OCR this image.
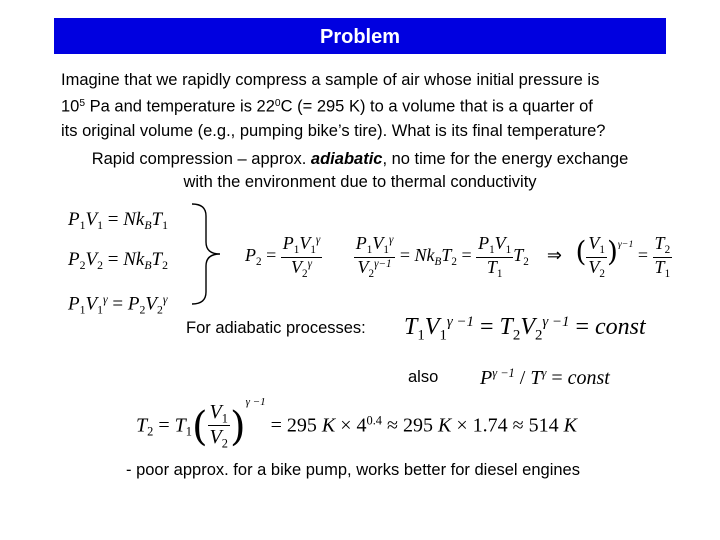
Problem
Imagine that we rapidly compress a sample of air whose initial pressure is
$10^5$ Pa and temperature is $22^0C$ (= 295 K) to a volume that is a quarter of
its original volume (e.g., pumping bike’s tire). What is its final temperature?
Rapid compression – approx. adiabatic, no time for the energy exchange with the environment due to thermal conductivity
$P_1V_1 = Nk_BT_1$
$P_2V_2 = Nk_BT_2$
$P_1V_1^\gamma = P_2V_2^\gamma$
$P_2 = \frac{P_1V_1^\gamma}{V_2^\gamma}$
$\frac{P_1V_1^\gamma}{V_2^{\gamma-1}} = Nk_BT_2 = \frac{P_1V_1}{T_1} T_2$ ⇒ ( $\frac{V_1}{V_2} )^{\gamma-1} = \frac{T_2}{T_1}$
For adiabatic processes: $T_1V_1^{\gamma -1} = T_2V_2^{\gamma -1}$ = const
also $P^{\gamma -1} / T^\gamma$ = const
$T_2 = T_1( \frac{V_1}{V_2} )^{\gamma -1} = 295$ $K \times 4^{0.4} \approx 295$ K × 1.74 ≈ 514 K
- poor approx. for a bike pump, works better for diesel engines
